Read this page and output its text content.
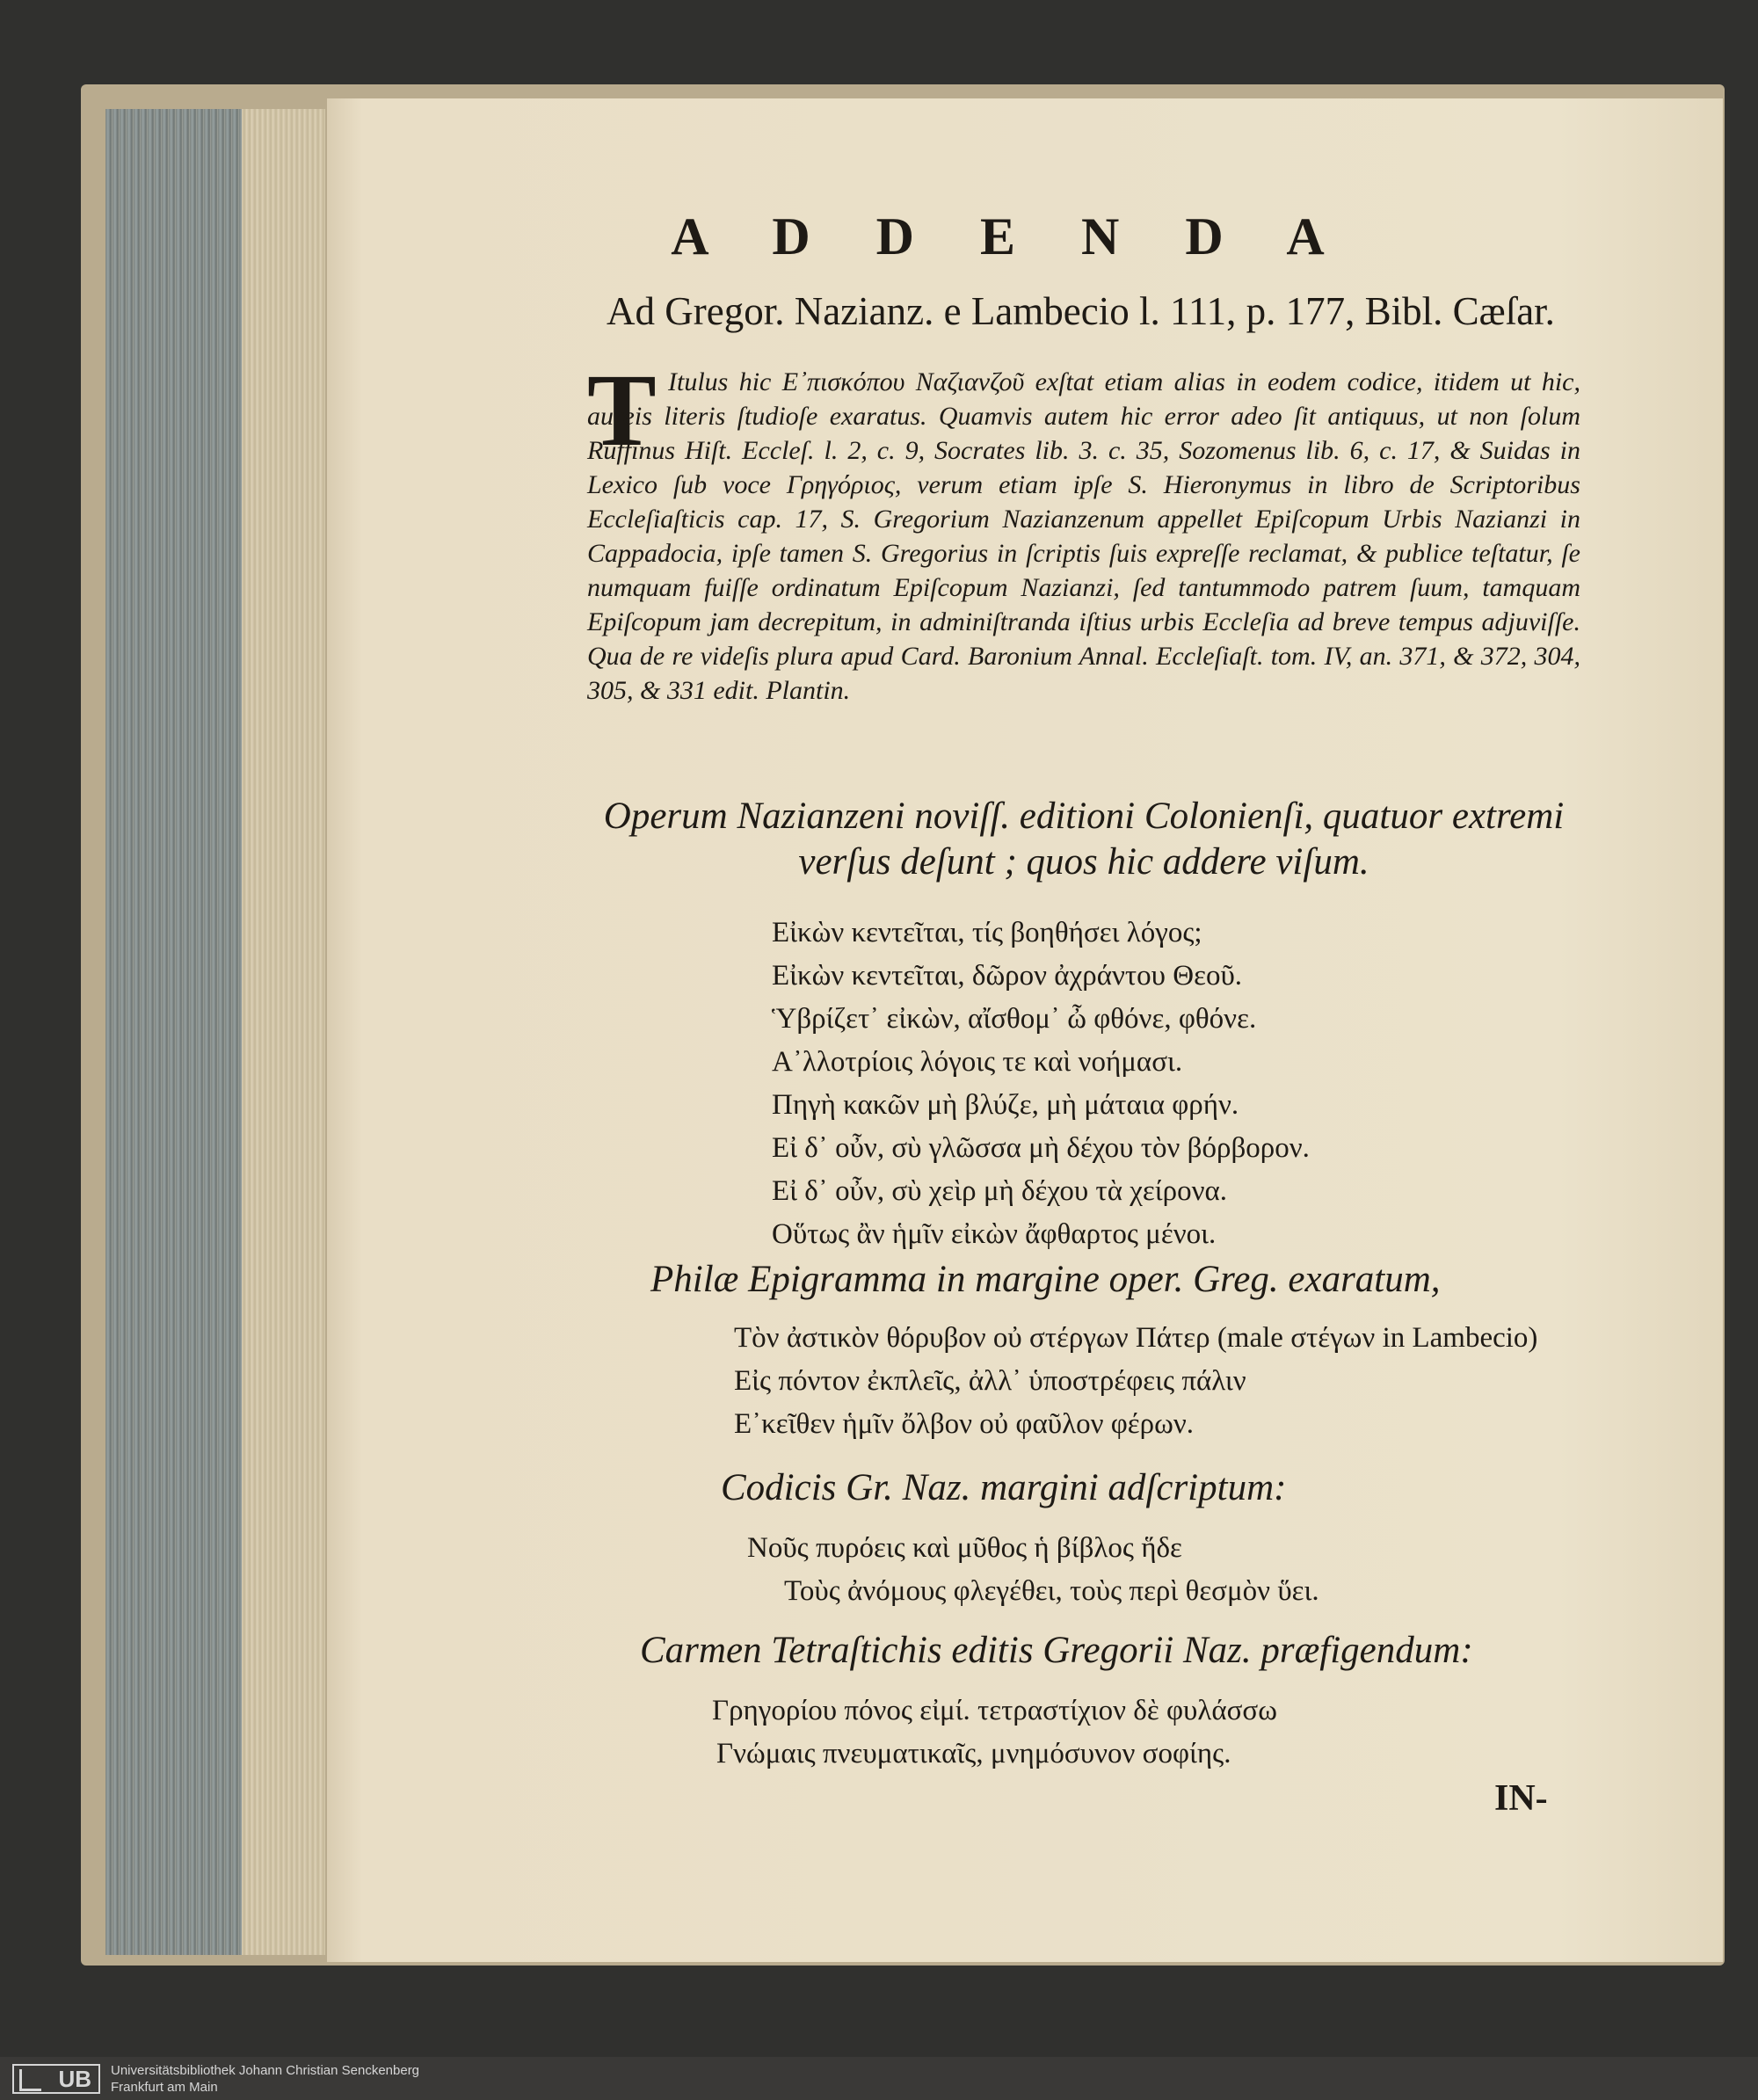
A D D E N D A
Ad Gregor. Nazianz. e Lambecio l. 111, p. 177, Bibl. Cæſar.
T Itulus hic Ε᾽πισκόπου Ναζιανζοῦ exſtat etiam alias in eodem codice, itidem ut hic, aureis literis ſtudioſe exaratus. Quamvis autem hic error adeo ſit antiquus, ut non ſolum Ruffinus Hiſt. Eccleſ. l. 2, c. 9, Socrates lib. 3. c. 35, Sozomenus lib. 6, c. 17, & Suidas in Lexico ſub voce Γρηγόριος, verum etiam ipſe S. Hieronymus in libro de Scriptoribus Eccleſiaſticis cap. 17, S. Gregorium Nazianzenum appellet Epiſcopum Urbis Nazianzi in Cappadocia, ipſe tamen S. Gregorius in ſcriptis ſuis expreſſe reclamat, & publice teſtatur, ſe numquam fuiſſe ordinatum Epiſcopum Nazianzi, ſed tantummodo patrem ſuum, tamquam Epiſcopum jam decrepitum, in adminiſtranda iſtius urbis Eccleſia ad breve tempus adjuviſſe. Qua de re videſis plura apud Card. Baronium Annal. Eccleſiaſt. tom. IV, an. 371, & 372, 304, 305, & 331 edit. Plantin.
Operum Nazianzeni noviſſ. editioni Colonienſi, quatuor extremi verſus deſunt ; quos hic addere viſum.
Εἰκὼν κεντεῖται, τίς βοηθήσει λόγος;
Εἰκὼν κεντεῖται, δῶρον ἀχράντου Θεοῦ.
Ὑβρίζετ᾽ εἰκὼν, αἴσθομ᾽ ὦ φθόνε, φθόνε.
Α᾽λλοτρίοις λόγοις τε καὶ νοήμασι.
Πηγὴ κακῶν μὴ βλύζε, μὴ μάταια φρήν.
Εἰ δ᾽ οὖν, σὺ γλῶσσα μὴ δέχου τὸν βόρβορον.
Εἰ δ᾽ οὖν, σὺ χεὶρ μὴ δέχου τὰ χείρονα.
Οὕτως ἂν ἡμῖν εἰκὼν ἄφθαρτος μένοι.
Philæ Epigramma in margine oper. Greg. exaratum,
Τὸν ἀστικὸν θόρυβον οὐ στέργων Πάτερ (male στέγων in Lambecio)
Εἰς πόντον ἐκπλεῖς, ἀλλ᾽ ὑποστρέφεις πάλιν
Ε᾽κεῖθεν ἡμῖν ὄλβον οὐ φαῦλον φέρων.
Codicis Gr. Naz. margini adſcriptum:
Νοῦς πυρόεις καὶ μῦθος ἡ βίβλος ἥδε
Τοὺς ἀνόμους φλεγέθει, τοὺς περὶ θεσμὸν ὕει.
Carmen Tetraſtichis editis Gregorii Naz. præfigendum:
Γρηγορίου πόνος εἰμί. τετραστίχιον δὲ φυλάσσω
Γνώμαις πνευματικαῖς, μνημόσυνον σοφίης.
IN-
UB	Universitätsbibliothek Johann Christian Senckenberg
Frankfurt am Main
